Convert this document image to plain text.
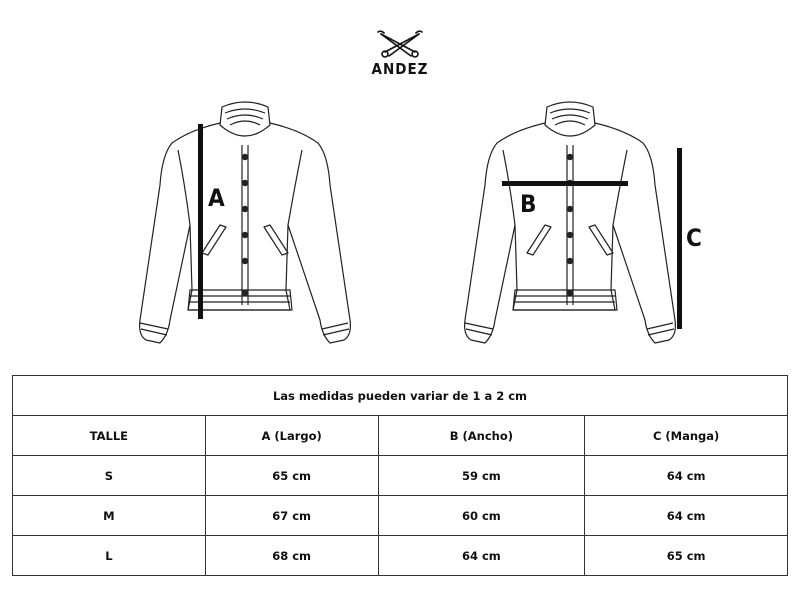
ANDEZ
A	B
C
Las medidas pueden variar de 1 a 2 cm			
TALLE	A (Largo)	B (Ancho)	C (Manga)
S	65 cm	59 cm	64 cm
M	67 cm	60 cm	64 cm
L	68 cm	64 cm	65 cm
